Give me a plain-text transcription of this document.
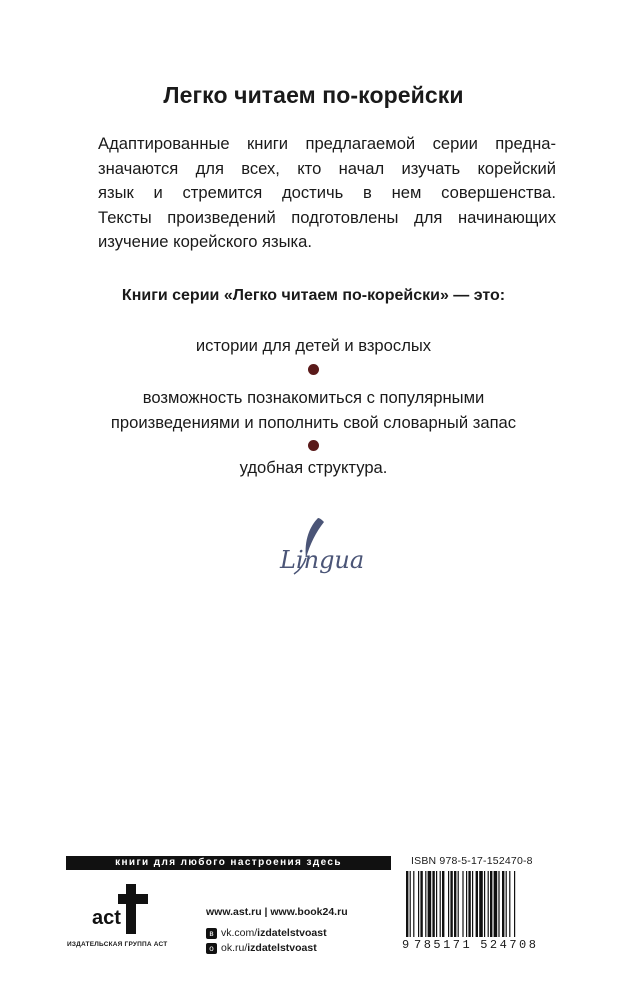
Легко читаем по-корейски
Адаптированные книги предлагаемой серии предна-
значаются для всех, кто начал изучать корейский
язык и стремится достичь в нем совершенства.
Тексты произведений подготовлены для начинающих
изучение корейского языка.
Книги серии «Легко читаем по-корейски» — это:
истории для детей и взрослых
возможность познакомиться с популярными
произведениями и пополнить свой словарный запас
удобная структура.
Lingua
книги для любого настроения здесь
act
ИЗДАТЕЛЬСКАЯ ГРУППА АСТ
www.ast.ru | www.book24.ru
в vk.com/ izdatelstvoast
o ok.ru/ izdatelstvoast
ISBN 978-5-17-152470-8
9 785171 524708
